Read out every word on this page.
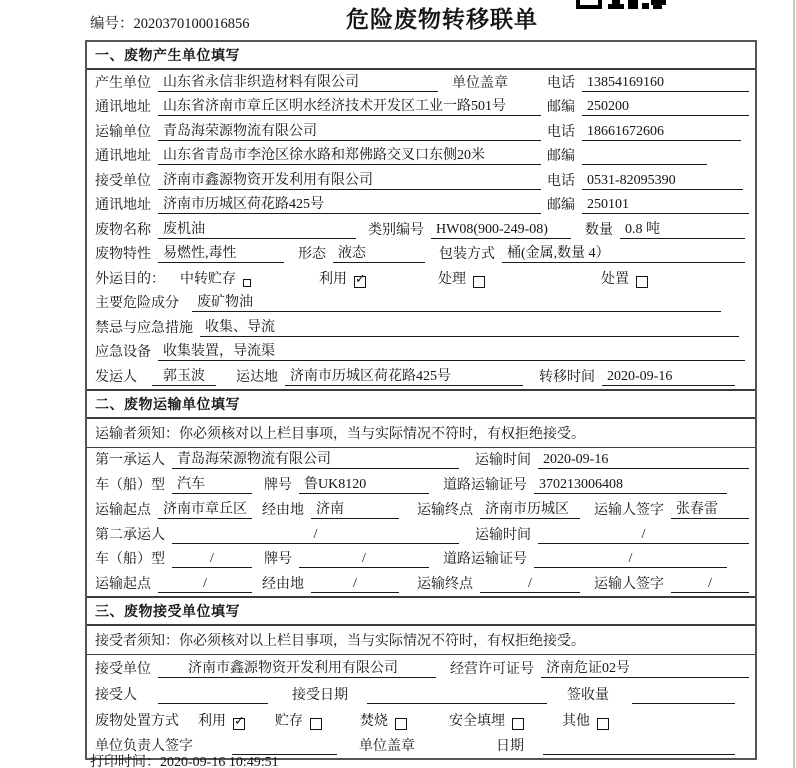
编号：2020370100016856	危险废物转移联单
一、废物产生单位填写
产生单位 山东省永信非织造材料有限公司	单位盖章	电话 13854169160
通讯地址 山东省济南市章丘区明水经济技术开发区工业一路501号	邮编 250200
运输单位 青岛海荣源物流有限公司	电话 18661672606
通讯地址 山东省青岛市李沧区徐水路和郑佛路交叉口东侧20米	邮编
接受单位 济南市鑫源物资开发利用有限公司	电话 0531-82095390
通讯地址 济南市历城区荷花路425号	邮编 250101
废物名称 废机油	类别编号 HW08(900-249-08)	数量 0.8 吨
废物特性 易燃性,毒性	形态 液态	包装方式 桶(金属,数量 4）
外运目的： 中转贮存	利用 ✓	处理	处置
主要危险成分	废矿物油
禁忌与应急措施 收集、导流
应急设备 收集装置，导流渠
发运人	郭玉波	运达地 济南市历城区荷花路425号	转移时间 2020-09-16
二、废物运输单位填写
运输者须知：你必须核对以上栏目事项，当与实际情况不符时，有权拒绝接受。
第一承运人 青岛海荣源物流有限公司	运输时间 2020-09-16
车（船）型 汽车	牌号 鲁UK8120	道路运输证号 370213006408
运输起点 济南市章丘区	经由地 济南	运输终点 济南市历城区	运输人签字 张春雷
第二承运人	/	运输时间	/
车（船）型	/	牌号	/	道路运输证号	/
运输起点	/	经由地	/	运输终点	/	运输人签字	/
三、废物接受单位填写
接受者须知：你必须核对以上栏目事项，当与实际情况不符时，有权拒绝接受。
接受单位	济南市鑫源物资开发利用有限公司	经营许可证号 济南危证02号
接受人	接受日期	签收量
废物处置方式 利用 ✓ 贮存	焚烧	安全填埋	其他
单位负责人签字	单位盖章	日期
打印时间：2020-09-16 10:49:51
